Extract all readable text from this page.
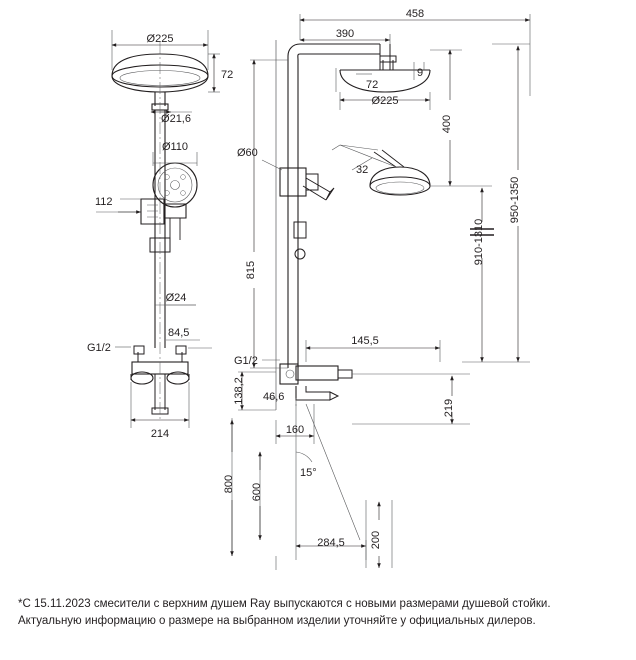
Ø225
72
Ø21,6
Ø110
112
Ø24
G1/2
84,5
214
458
390
Ø60
815
G1/2
138,2 46,6
160
15°
800 600
284,5 200
72
9
Ø225
32
400
910-1310
950-1350
145,5
219
*С 15.11.2023 смесители с верхним душем Ray выпускаются с новыми размерами душевой стойки.
Актуальную информацию о размере на выбранном изделии уточняйте у официальных дилеров.
